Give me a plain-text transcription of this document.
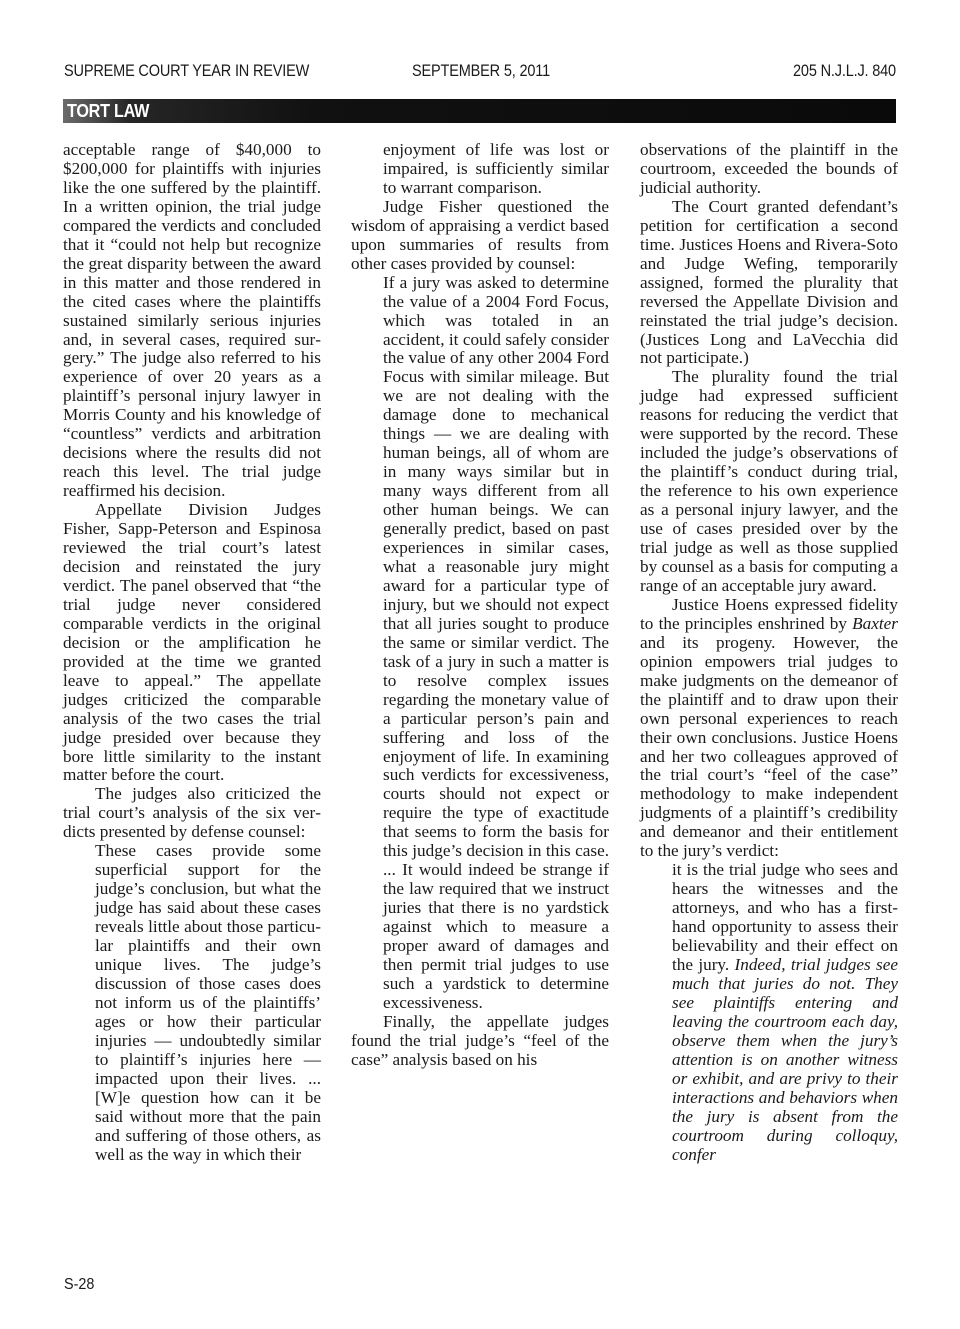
SUPREME COURT YEAR IN REVIEW	SEPTEMBER 5, 2011	205 N.J.L.J. 840
TORT LAW

acceptable range of $40,000 to $200,000 for plaintiffs with injuries like the one suffered by the plaintiff. In a written opinion, the trial judge compared the verdicts and concluded that it “could not help but recognize the great disparity between the award in this matter and those rendered in the cited cases where the plaintiffs sustained similarly serious injuries and, in several cases, required surgery.” The judge also referred to his experience of over 20 years as a plaintiff’s personal injury lawyer in Morris County and his knowledge of “countless” verdicts and arbitration decisions where the results did not reach this level. The trial judge reaffirmed his decision.

Appellate Division Judges Fisher, Sapp-Peterson and Espinosa reviewed the trial court’s latest decision and reinstated the jury verdict. The panel observed that “the trial judge never considered comparable verdicts in the original decision or the amplification he provided at the time we granted leave to appeal.” The appellate judges criticized the comparable analysis of the two cases the trial judge presided over because they bore little similarity to the instant matter before the court.

The judges also criticized the trial court’s analysis of the six verdicts presented by defense counsel:

These cases provide some superficial support for the judge’s conclusion, but what the judge has said about these cases reveals little about those particular plaintiffs and their own unique lives. The judge’s discussion of those cases does not inform us of the plaintiffs’ ages or how their particular injuries — undoubtedly similar to plaintiff’s injuries here — impacted upon their lives. ... [W]e question how can it be said without more that the pain and suffering of those others, as well as the way in which their

enjoyment of life was lost or impaired, is sufficiently similar to warrant comparison.

Judge Fisher questioned the wisdom of appraising a verdict based upon summaries of results from other cases provided by counsel:

If a jury was asked to determine the value of a 2004 Ford Focus, which was totaled in an accident, it could safely consider the value of any other 2004 Ford Focus with similar mileage. But we are not dealing with the damage done to mechanical things — we are dealing with human beings, all of whom are in many ways similar but in many ways different from all other human beings. We can generally predict, based on past experiences in similar cases, what a reasonable jury might award for a particular type of injury, but we should not expect that all juries sought to produce the same or similar verdict. The task of a jury in such a matter is to resolve complex issues regarding the monetary value of a particular person’s pain and suffering and loss of the enjoyment of life. In examining such verdicts for excessiveness, courts should not expect or require the type of exactitude that seems to form the basis for this judge’s decision in this case. ... It would indeed be strange if the law required that we instruct juries that there is no yardstick against which to measure a proper award of damages and then permit trial judges to use such a yardstick to determine excessiveness.

Finally, the appellate judges found the trial judge’s “feel of the case” analysis based on his

observations of the plaintiff in the courtroom, exceeded the bounds of judicial authority.

The Court granted defendant’s petition for certification a second time. Justices Hoens and Rivera-Soto and Judge Wefing, temporarily assigned, formed the plurality that reversed the Appellate Division and reinstated the trial judge’s decision. (Justices Long and LaVecchia did not participate.)

The plurality found the trial judge had expressed sufficient reasons for reducing the verdict that were supported by the record. These included the judge’s observations of the plaintiff’s conduct during trial, the reference to his own experience as a personal injury lawyer, and the use of cases presided over by the trial judge as well as those supplied by counsel as a basis for computing a range of an acceptable jury award.

Justice Hoens expressed fidelity to the principles enshrined by Baxter and its progeny. However, the opinion empowers trial judges to make judgments on the demeanor of the plaintiff and to draw upon their own personal experiences to reach their own conclusions. Justice Hoens and her two colleagues approved of the trial court’s “feel of the case” methodology to make independent judgments of a plaintiff’s credibility and demeanor and their entitlement to the jury’s verdict:

it is the trial judge who sees and hears the witnesses and the attorneys, and who has a first-hand opportunity to assess their believability and their effect on the jury. Indeed, trial judges see much that juries do not. They see plaintiffs entering and leaving the courtroom each day, observe them when the jury’s attention is on another witness or exhibit, and are privy to their interactions and behaviors when the jury is absent from the courtroom during colloquy, confer

S-28
